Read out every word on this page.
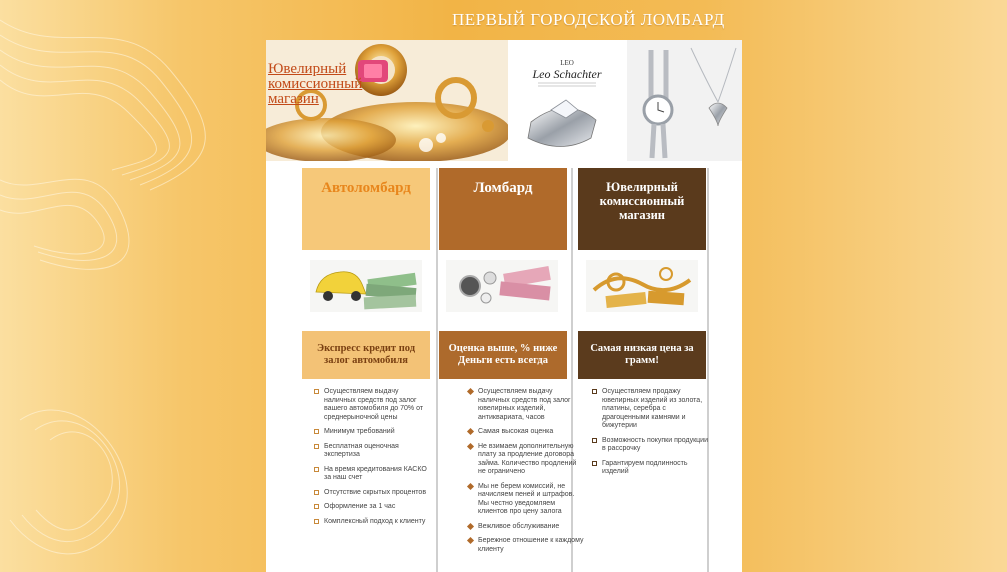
ПЕРВЫЙ ГОРОДСКОЙ ЛОМБАРД
LEO
Leo Schachter
Ювелирный комиссионный магазин
Автоломбард
Экспресс кредит под залог автомобиля
Осуществляем выдачу наличных средств под залог вашего автомобиля до 70% от среднерыночной цены
Минимум требований
Бесплатная оценочная экспертиза
На время кредитования КАСКО за наш счет
Отсутствие скрытых процентов
Оформление за 1 час
Комплексный подход к клиенту
Ломбард
Оценка выше, % ниже Деньги есть всегда
Осуществляем выдачу наличных средств под залог ювелирных изделий, антиквариата, часов
Самая высокая оценка
Не взимаем дополнительную плату за продление договора займа. Количество продлений не ограничено
Мы не берем комиссий, не начисляем пеней и штрафов. Мы честно уведомляем клиентов про цену залога
Вежливое обслуживание
Бережное отношение к каждому клиенту
Ювелирный комиссионный магазин
Самая низкая цена за грамм!
Осуществляем продажу ювелирных изделий из золота, платины, серебра с драгоценными камнями и бижутерии
Возможность покупки продукции в рассрочку
Гарантируем подлинность изделий
